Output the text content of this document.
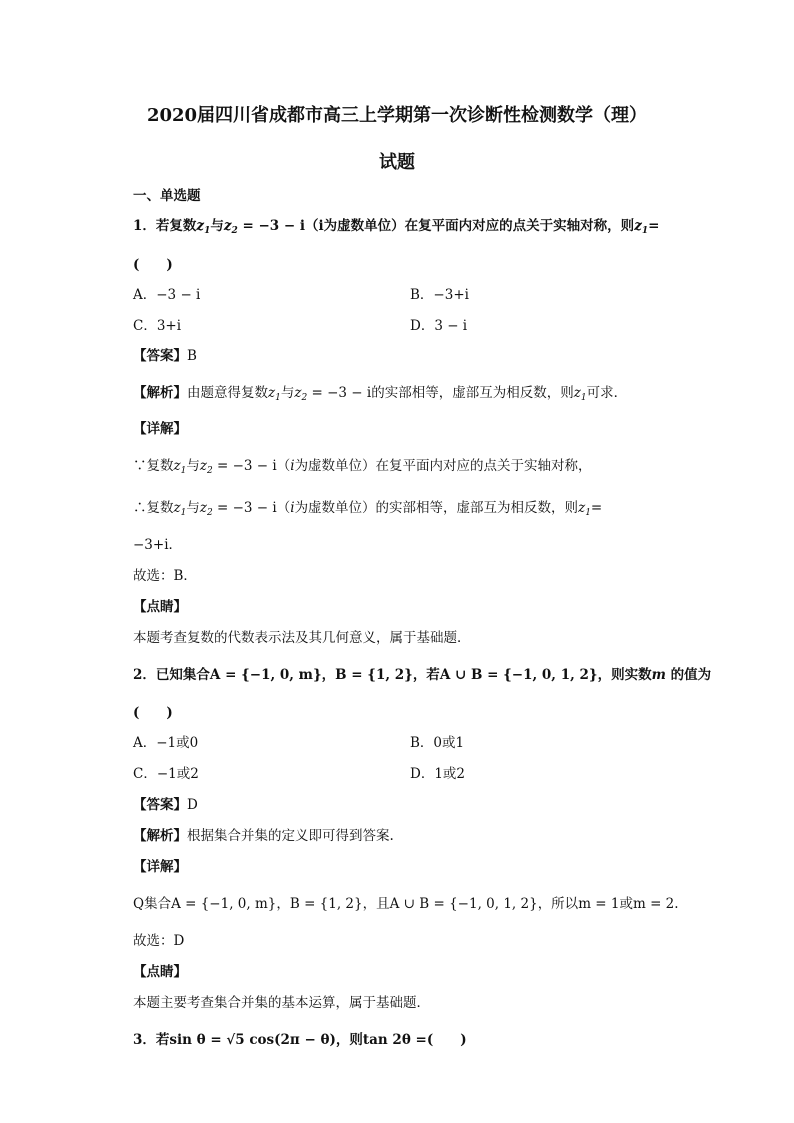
2020届四川省成都市高三上学期第一次诊断性检测数学（理）
试题
一、单选题
1．若复数$z_1$与$z_2 = -3 - i(i$为虚数单位）在复平面内对应的点关于实轴对称，则$z_1=$
(　　)
A．−3 − i	B．−3+i
C．3+i	D．3 − i
【答案】B
【解析】由题意得复数$z_1$与$z_2 = -3 - i$的实部相等，虚部互为相反数，则$z_1$可求．
【详解】
∵复数$z_1$与$z_2 = -3 - i(i$为虚数单位）在复平面内对应的点关于实轴对称，
∴复数$z_1$与$z_2 = -3 - i(i$为虚数单位）的实部相等，虚部互为相反数，则$z_1=$
−3+i．
故选：B．
【点睛】
本题考查复数的代数表示法及其几何意义，属于基础题．
2．已知集合A = {−1, 0, m}，B = {1, 2}，若A ∪ B = {−1, 0, 1, 2}，则实数m 的值为
(　　)
A．−1或0	B．0或1
C．−1或2	D．1或2
【答案】D
【解析】根据集合并集的定义即可得到答案.
【详解】
Q集合A = {−1, 0, m}，B = {1, 2}，且A ∪ B = {−1, 0, 1, 2}，所以m = 1或m = 2.
故选：D
【点睛】
本题主要考查集合并集的基本运算，属于基础题．
3．若sin θ = √5 cos(2π − θ)，则tan 2θ =(　　)
